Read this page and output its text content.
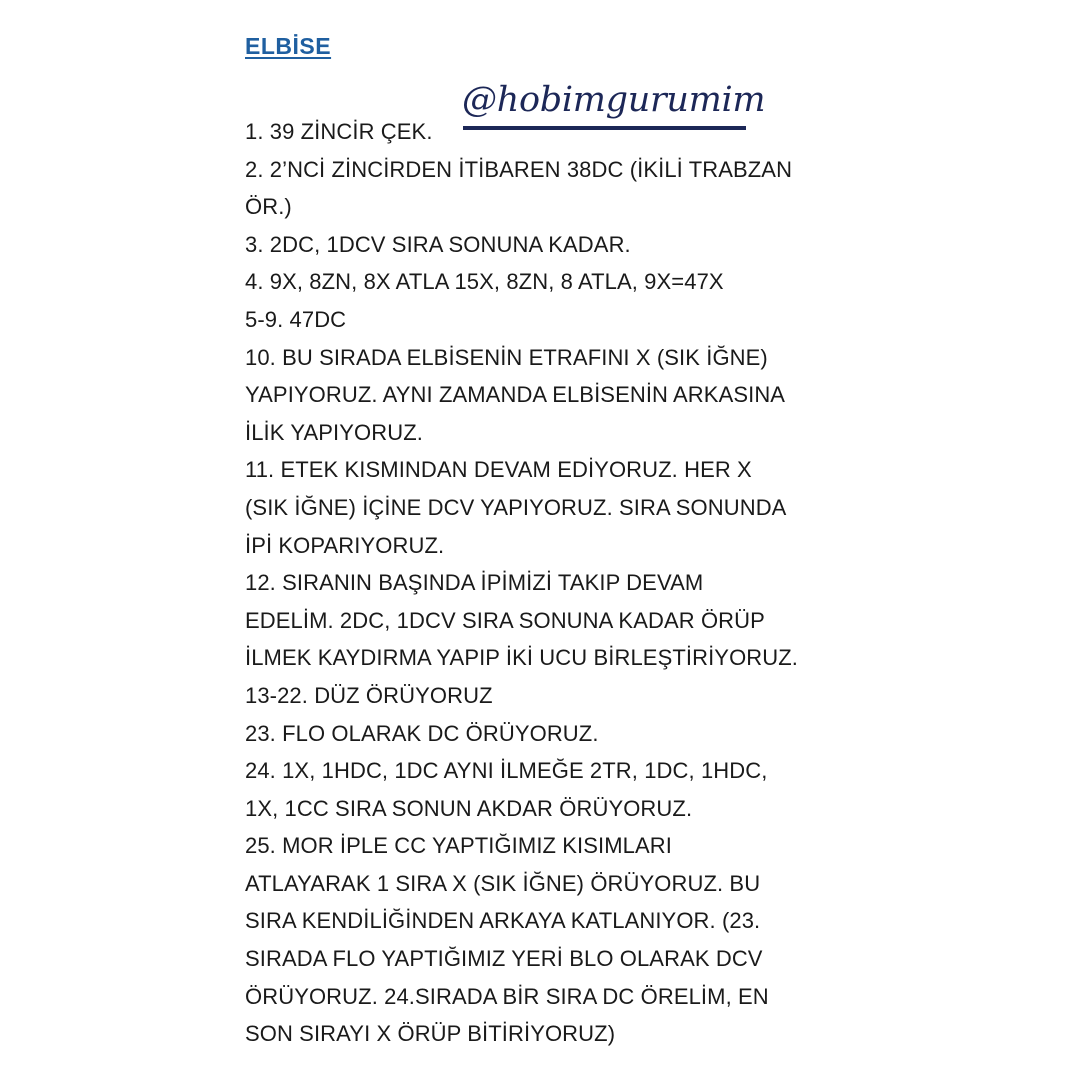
ELBİSE
@hobimgurumim
1. 39 ZİNCİR ÇEK.
2. 2’NCİ ZİNCİRDEN İTİBAREN 38DC (İKİLİ TRABZAN
ÖR.)
3. 2DC, 1DCV SIRA SONUNA KADAR.
4. 9X, 8ZN, 8X ATLA 15X, 8ZN, 8 ATLA, 9X=47X
5-9. 47DC
10. BU SIRADA ELBİSENİN ETRAFINI X (SIK İĞNE)
YAPIYORUZ. AYNI ZAMANDA ELBİSENİN ARKASINA
İLİK YAPIYORUZ.
11. ETEK KISMINDAN DEVAM EDİYORUZ. HER X
(SIK İĞNE) İÇİNE DCV YAPIYORUZ. SIRA SONUNDA
İPİ KOPARIYORUZ.
12. SIRANIN BAŞINDA İPİMİZİ TAKIP DEVAM
EDELİM. 2DC, 1DCV SIRA SONUNA KADAR ÖRÜP
İLMEK KAYDIRMA YAPIP İKİ UCU BİRLEŞTİRİYORUZ.
13-22. DÜZ ÖRÜYORUZ
23. FLO OLARAK DC ÖRÜYORUZ.
24. 1X, 1HDC, 1DC AYNI İLMEĞE 2TR, 1DC, 1HDC,
1X, 1CC SIRA SONUN AKDAR ÖRÜYORUZ.
25. MOR İPLE CC YAPTIĞIMIZ KISIMLARI
ATLAYARAK 1 SIRA X (SIK İĞNE) ÖRÜYORUZ. BU
SIRA KENDİLİĞİNDEN ARKAYA KATLANIYOR. (23.
SIRADA FLO YAPTIĞIMIZ YERİ BLO OLARAK DCV
ÖRÜYORUZ. 24.SIRADA BİR SIRA DC ÖRELİM, EN
SON SIRAYI X ÖRÜP BİTİRİYORUZ)
